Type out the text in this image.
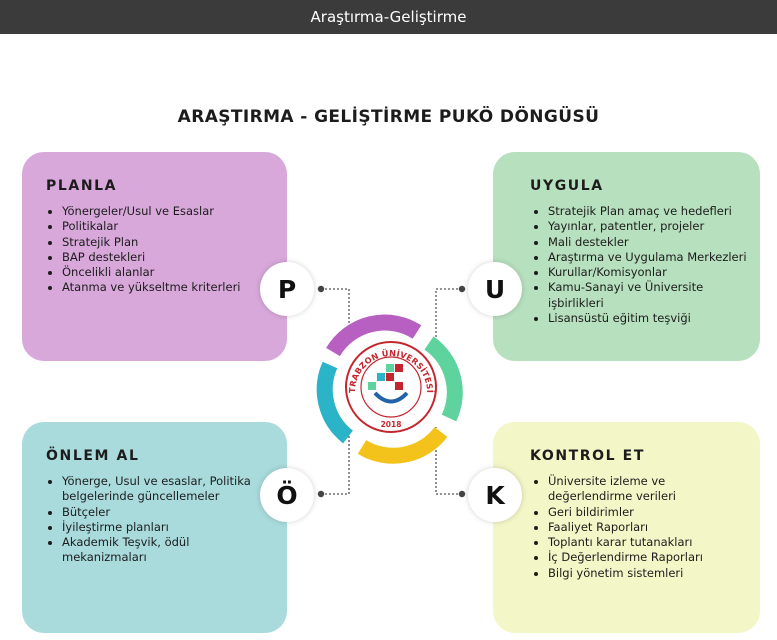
Araştırma-Geliştirme
ARAŞTIRMA - GELİŞTİRME PUKÖ DÖNGÜSÜ
TRABZON ÜNİVERSİTESİ
2018
PLANLA
• Yönergeler/Usul ve Esaslar
• Politikalar
• Stratejik Plan
• BAP destekleri
• Öncelikli alanlar
• Atanma ve yükseltme kriterleri
UYGULA
• Stratejik Plan amaç ve hedefleri
• Yayınlar, patentler, projeler
• Mali destekler
• Araştırma ve Uygulama Merkezleri
• Kurullar/Komisyonlar
• Kamu-Sanayi ve Üniversite işbirlikleri
• Lisansüstü eğitim teşviği
ÖNLEM AL
• Yönerge, Usul ve esaslar, Politika belgelerinde güncellemeler
• Bütçeler
• İyileştirme planları
• Akademik Teşvik, ödül mekanizmaları
KONTROL ET
• Üniversite izleme ve değerlendirme verileri
• Geri bildirimler
• Faaliyet Raporları
• Toplantı karar tutanakları
• İç Değerlendirme Raporları
• Bilgi yönetim sistemleri
P	U
Ö	K
